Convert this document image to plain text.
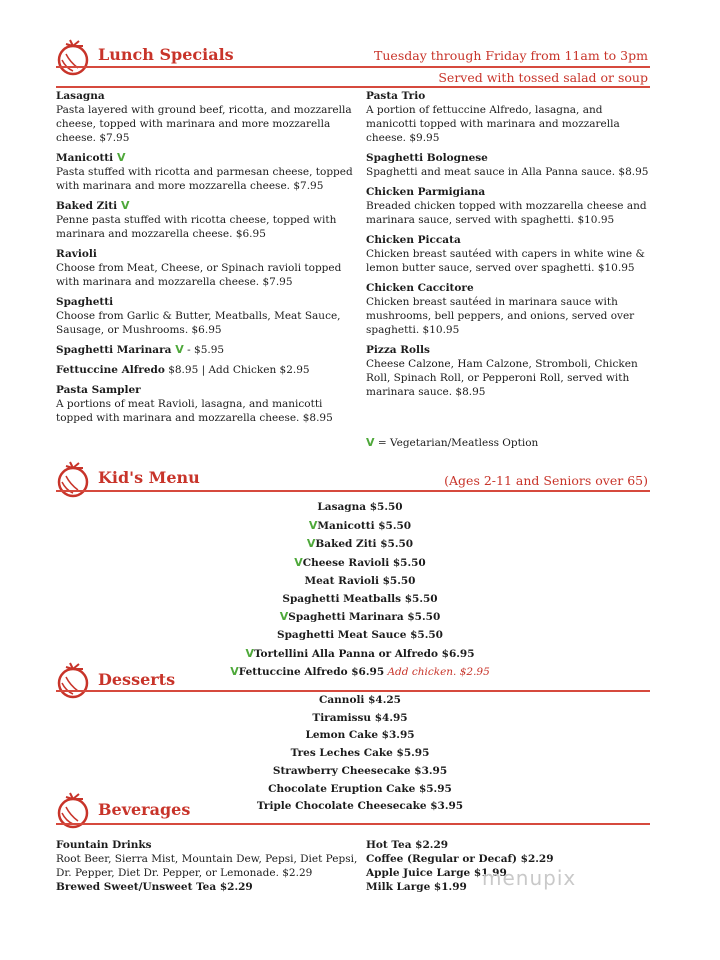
Lunch Specials	Tuesday through Friday from 11am to 3pm
Served with tossed salad or soup
Lasagna
Pasta layered with ground beef, ricotta, and mozzarella cheese, topped with marinara and more mozzarella cheese. $7.95
Manicotti V
Pasta stuffed with ricotta and parmesan cheese, topped with marinara and more mozzarella cheese. $7.95
Baked Ziti V
Penne pasta stuffed with ricotta cheese, topped with marinara and mozzarella cheese. $6.95
Ravioli
Choose from Meat, Cheese, or Spinach ravioli topped with marinara and mozzarella cheese. $7.95
Spaghetti
Choose from Garlic & Butter, Meatballs, Meat Sauce, Sausage, or Mushrooms. $6.95
Spaghetti Marinara V - $5.95
Fettuccine Alfredo $8.95 | Add Chicken $2.95
Pasta Sampler
A portions of meat Ravioli, lasagna, and manicotti topped with marinara and mozzarella cheese. $8.95
Pasta Trio
A portion of fettuccine Alfredo, lasagna, and manicotti topped with marinara and mozzarella cheese. $9.95
Spaghetti Bolognese
Spaghetti and meat sauce in Alla Panna sauce. $8.95
Chicken Parmigiana
Breaded chicken topped with mozzarella cheese and marinara sauce, served with spaghetti. $10.95
Chicken Piccata
Chicken breast sautéed with capers in white wine & lemon butter sauce, served over spaghetti. $10.95
Chicken Caccitore
Chicken breast sautéed in marinara sauce with mushrooms, bell peppers, and onions, served over spaghetti. $10.95
Pizza Rolls
Cheese Calzone, Ham Calzone, Stromboli, Chicken Roll, Spinach Roll, or Pepperoni Roll, served with marinara sauce. $8.95
V = Vegetarian/Meatless Option
Kid's Menu	(Ages 2-11 and Seniors over 65)
Lasagna $5.50
VManicotti $5.50
VBaked Ziti $5.50
VCheese Ravioli $5.50
Meat Ravioli $5.50
Spaghetti Meatballs $5.50
VSpaghetti Marinara $5.50
Spaghetti Meat Sauce $5.50
VTortellini Alla Panna or Alfredo $6.95
VFettuccine Alfredo $6.95 Add chicken. $2.95
Desserts
Cannoli $4.25
Tiramissu $4.95
Lemon Cake $3.95
Tres Leches Cake $5.95
Strawberry Cheesecake $3.95
Chocolate Eruption Cake $5.95
Triple Chocolate Cheesecake $3.95
Beverages
Fountain Drinks
Root Beer, Sierra Mist, Mountain Dew, Pepsi, Diet Pepsi, Dr. Pepper, Diet Dr. Pepper, or Lemonade. $2.29
Brewed Sweet/Unsweet Tea $2.29
Hot Tea $2.29
Coffee (Regular or Decaf) $2.29
Apple Juice Large $1.99
Milk Large $1.99 menupix
